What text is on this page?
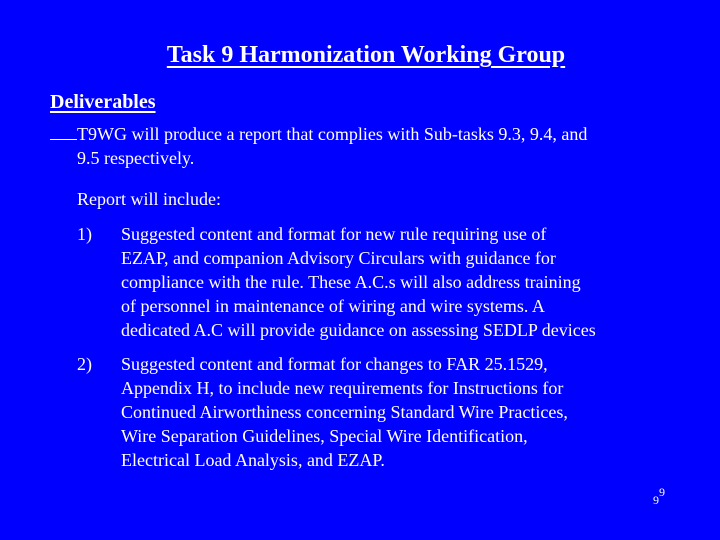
Task 9 Harmonization Working Group
Deliverables
T9WG will produce a report that complies with Sub-tasks 9.3, 9.4, and
9.5 respectively.
Report will include:
1) Suggested content and format for new rule requiring use of
EZAP, and companion Advisory Circulars with guidance for
compliance with the rule. These A.C.s will also address training
of personnel in maintenance of wiring and wire systems. A
dedicated A.C will provide guidance on assessing SEDLP devices
2) Suggested content and format for changes to FAR 25.1529,
Appendix H, to include new requirements for Instructions for
Continued Airworthiness concerning Standard Wire Practices,
Wire Separation Guidelines, Special Wire Identification,
Electrical Load Analysis, and EZAP.
99
